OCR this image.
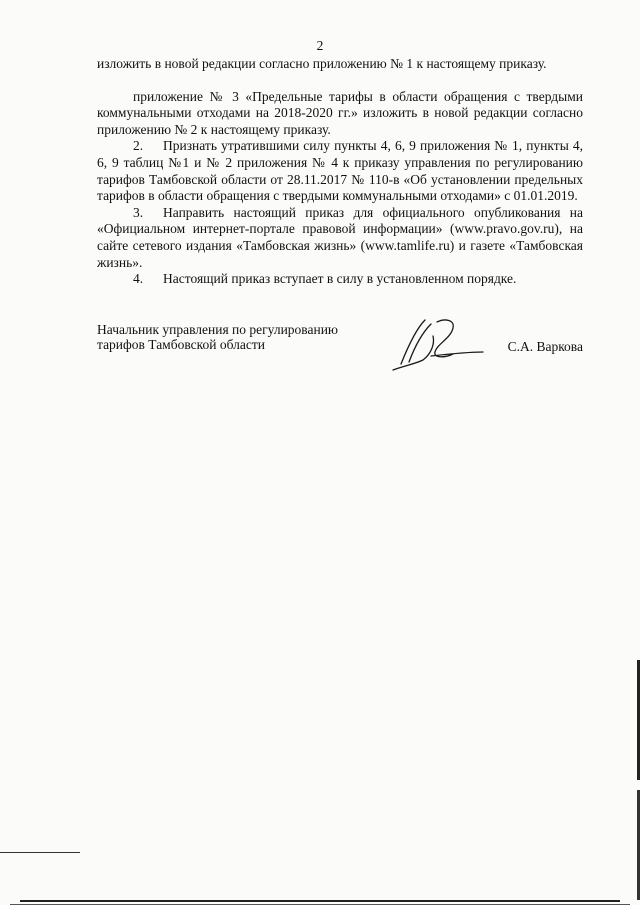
2

изложить в новой редакции согласно приложению № 1 к настоящему приказу.

приложение № 3 «Предельные тарифы в области обращения с твердыми коммунальными отходами на 2018-2020 гг.» изложить в новой редакции согласно приложению № 2 к настоящему приказу.

2. Признать утратившими силу пункты 4, 6, 9 приложения № 1, пункты 4, 6, 9 таблиц №1 и № 2 приложения № 4 к приказу управления по регулированию тарифов Тамбовской области от 28.11.2017 № 110-в «Об установлении предельных тарифов в области обращения с твердыми коммунальными отходами» с 01.01.2019.

3. Направить настоящий приказ для официального опубликования на «Официальном интернет-портале правовой информации» (www.pravo.gov.ru), на сайте сетевого издания «Тамбовская жизнь» (www.tamlife.ru) и газете «Тамбовская жизнь».

4. Настоящий приказ вступает в силу в установленном порядке.

Начальник управления по регулированию тарифов Тамбовской области	С.А. Варкова
